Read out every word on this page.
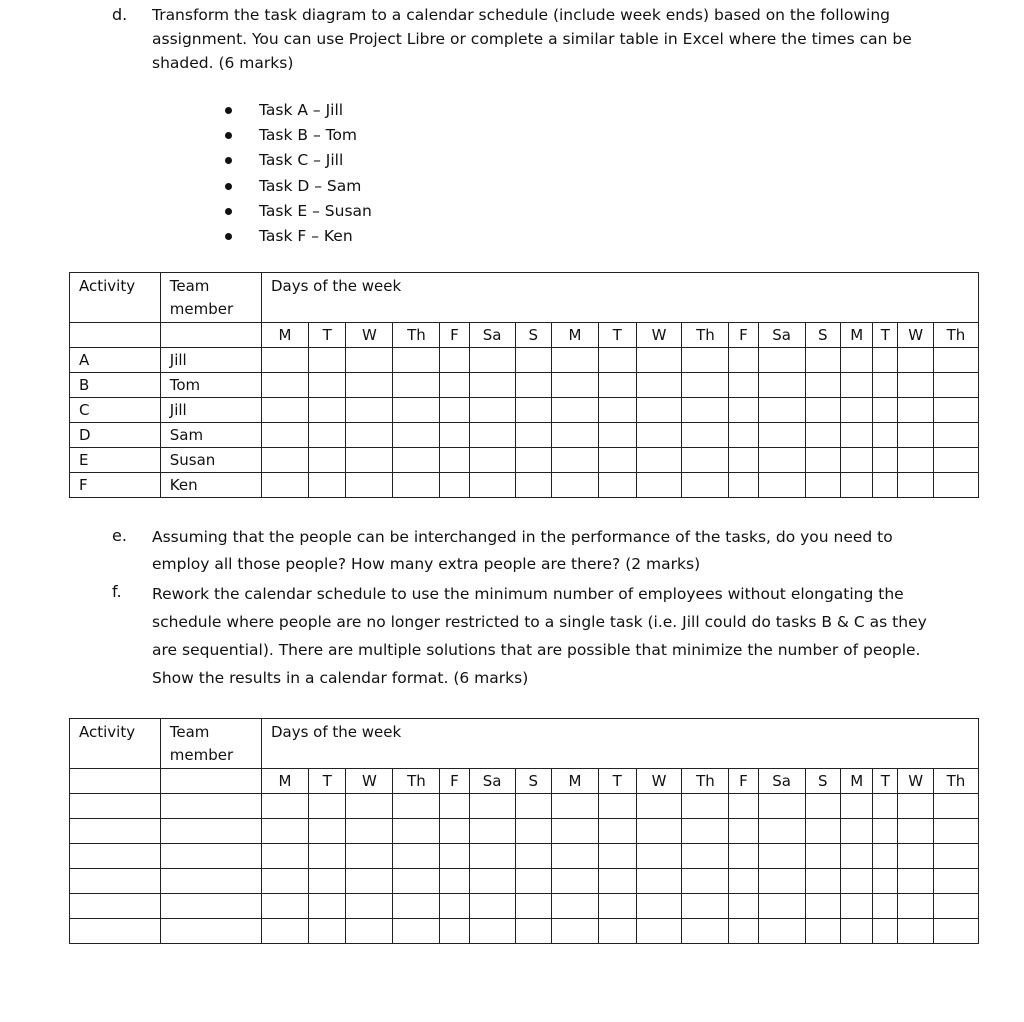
d.	Transform the task diagram to a calendar schedule (include week ends) based on the following
assignment. You can use Project Libre or complete a similar table in Excel where the times can be
shaded. (6 marks)
Task A – Jill
Task B – Tom
Task C – Jill
Task D – Sam
Task E – Susan
Task F – Ken
Activity	Team
member	Days of the week																	
		M	T	W	Th	F	Sa	S	M	T	W	Th	F	Sa	S	M	T	W	Th
A	Jill																		
B	Tom																		
C	Jill																		
D	Sam																		
E	Susan																		
F	Ken																		
e.	Assuming that the people can be interchanged in the performance of the tasks, do you need to
employ all those people? How many extra people are there? (2 marks)
f.	Rework the calendar schedule to use the minimum number of employees without elongating the
schedule where people are no longer restricted to a single task (i.e. Jill could do tasks B & C as they
are sequential). There are multiple solutions that are possible that minimize the number of people.
Show the results in a calendar format. (6 marks)
Activity	Team
member	Days of the week																	
		M	T	W	Th	F	Sa	S	M	T	W	Th	F	Sa	S	M	T	W	Th
